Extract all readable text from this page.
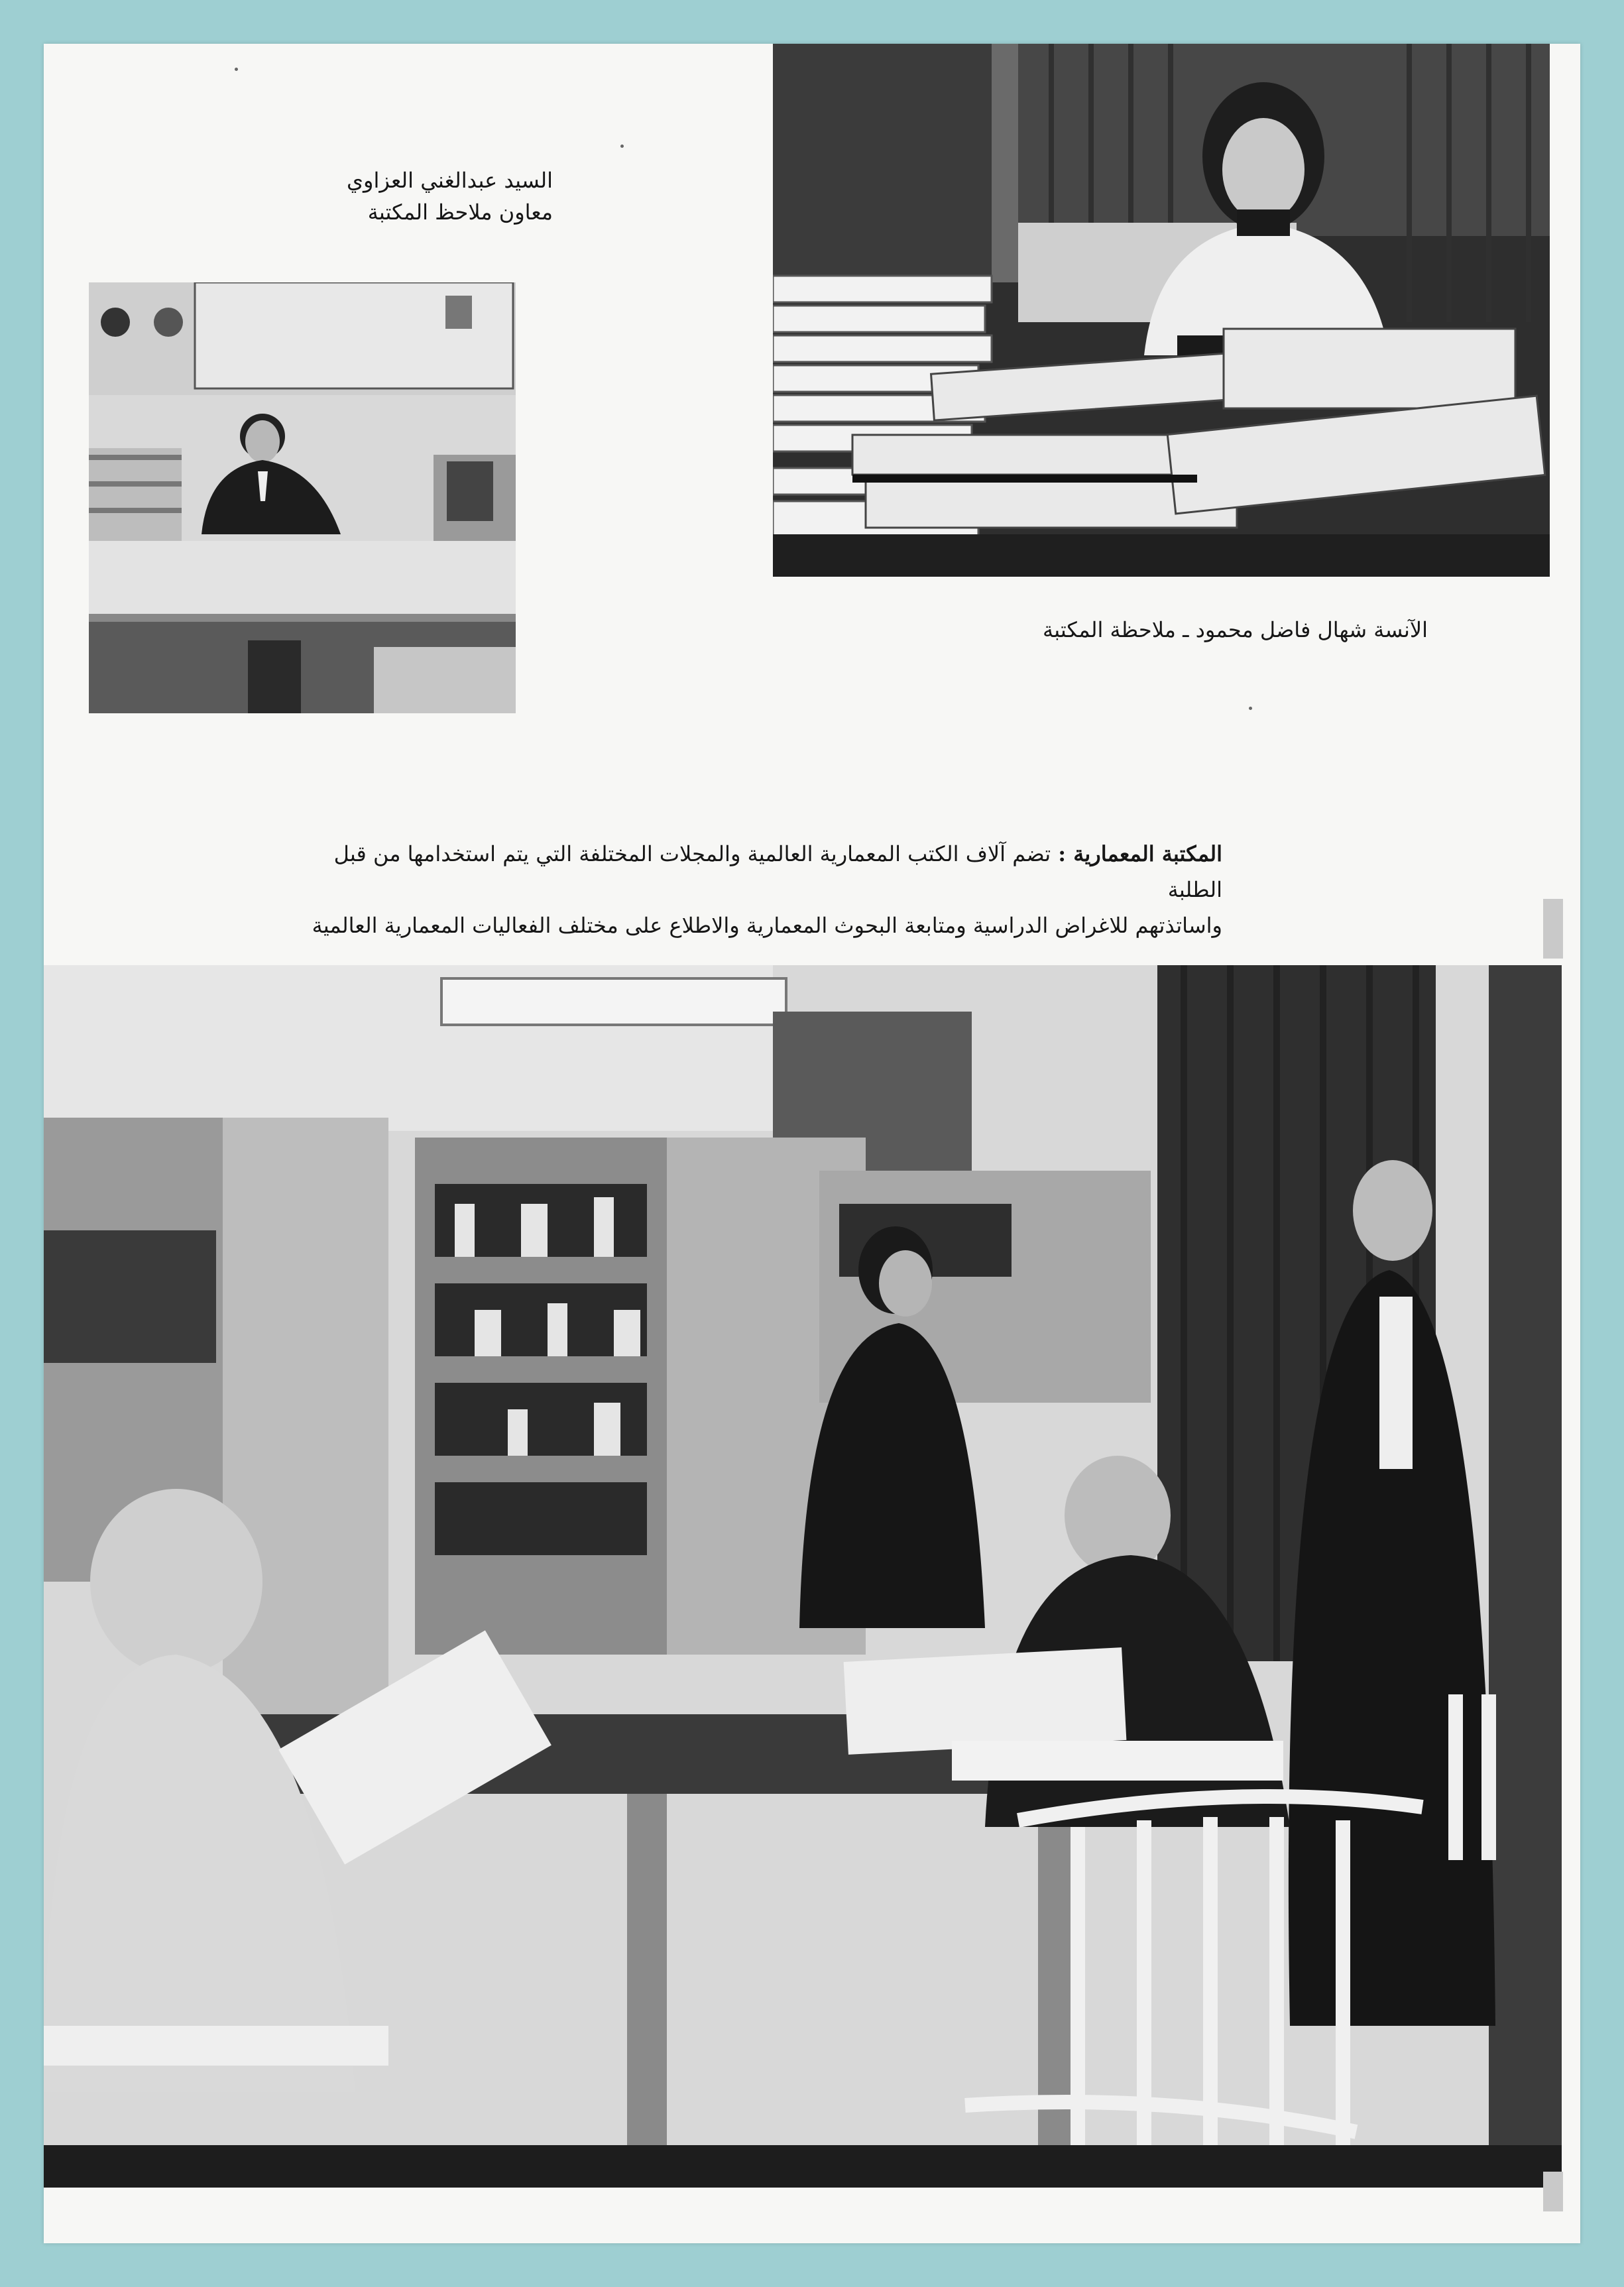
السيد عبدالغني العزاوي
معاون ملاحظ المكتبة
الآنسة شهال فاضل محمود ـ ملاحظة المكتبة
المكتبة المعمارية : تضم آلاف الكتب المعمارية العالمية والمجلات المختلفة التي يتم استخدامها من قبل الطلبة
واساتذتهم للاغراض الدراسية ومتابعة البحوث المعمارية والاطلاع على مختلف الفعاليات المعمارية العالمية
